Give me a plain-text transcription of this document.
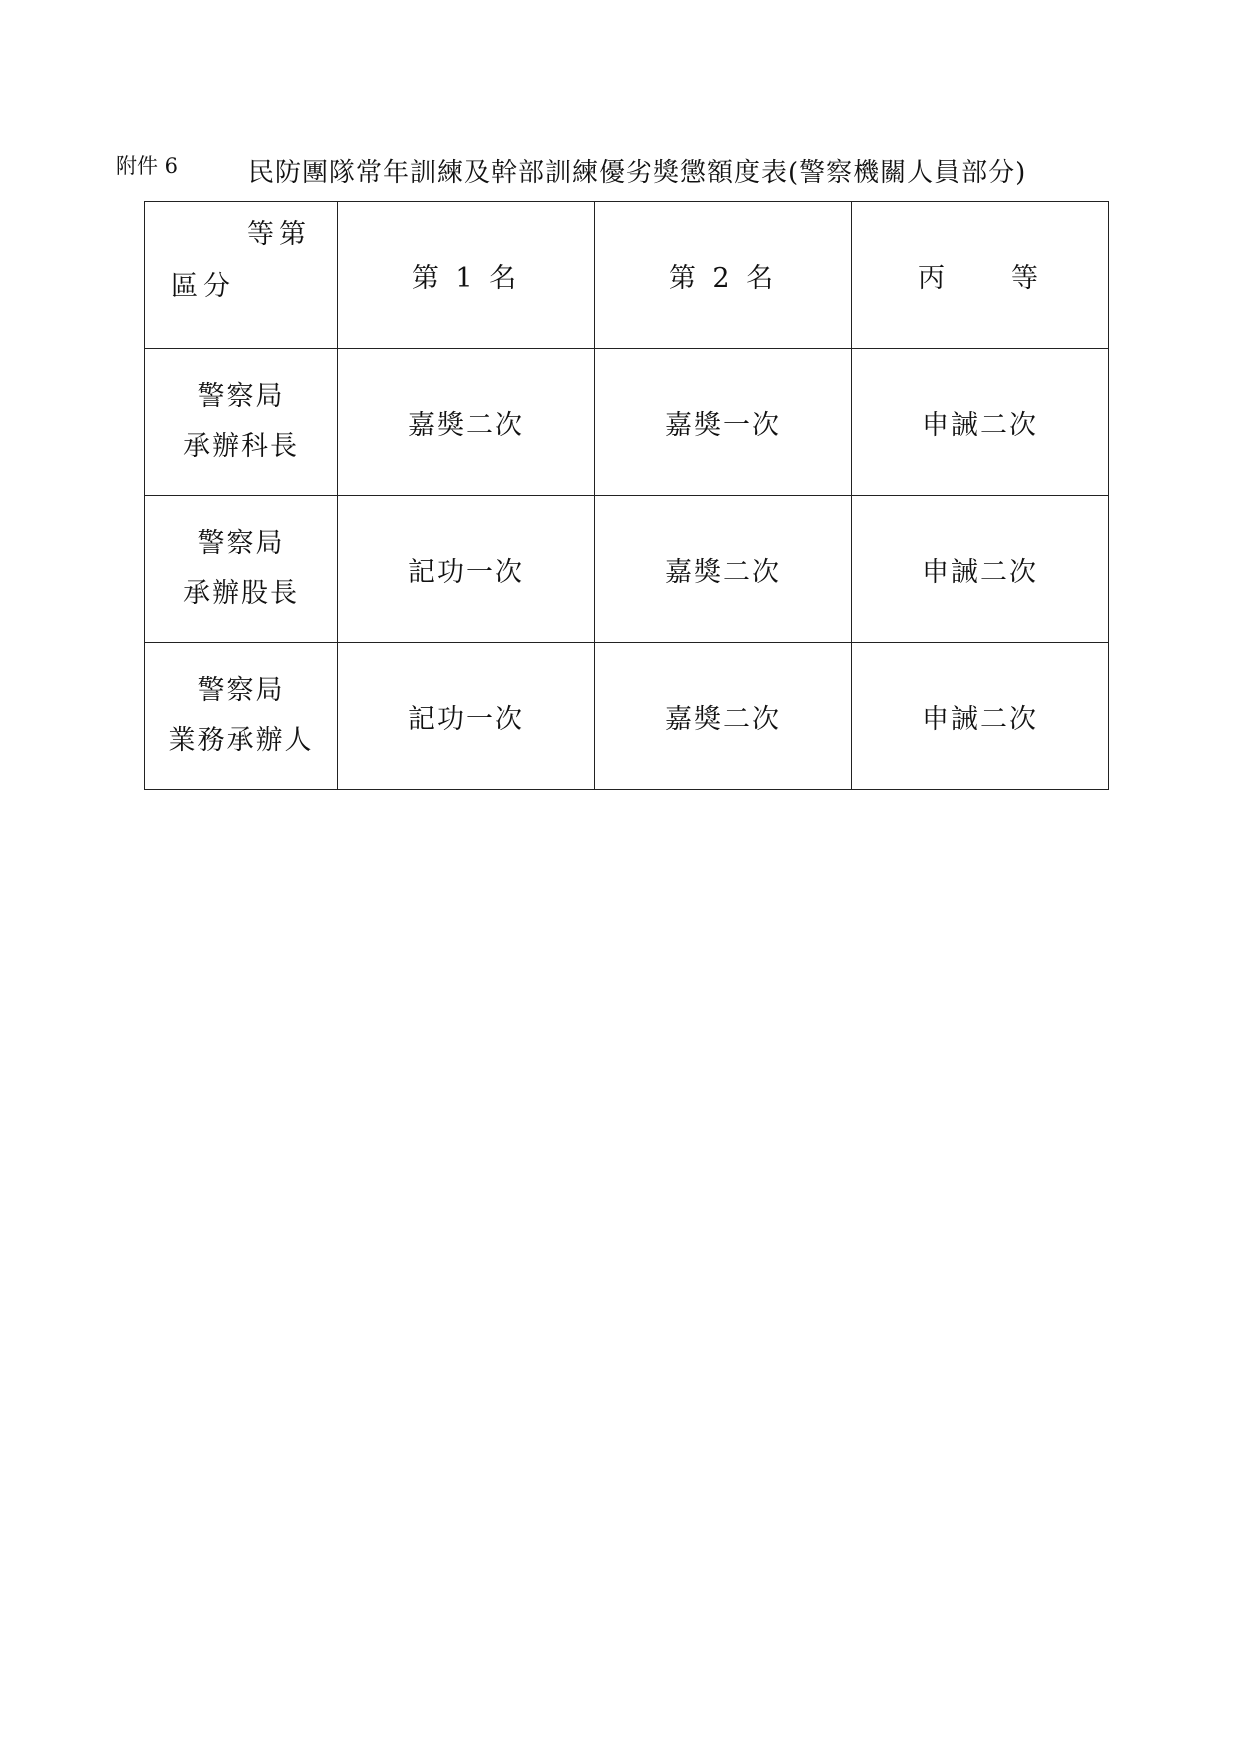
附件 6	民防團隊常年訓練及幹部訓練優劣獎懲額度表(警察機關人員部分)
等第
區分	第 1 名	第 2 名	丙　　等

警察局
承辦科長	嘉獎二次	嘉獎一次	申誡二次

警察局
承辦股長	記功一次	嘉獎二次	申誡二次

警察局
業務承辦人	記功一次	嘉獎二次	申誡二次
